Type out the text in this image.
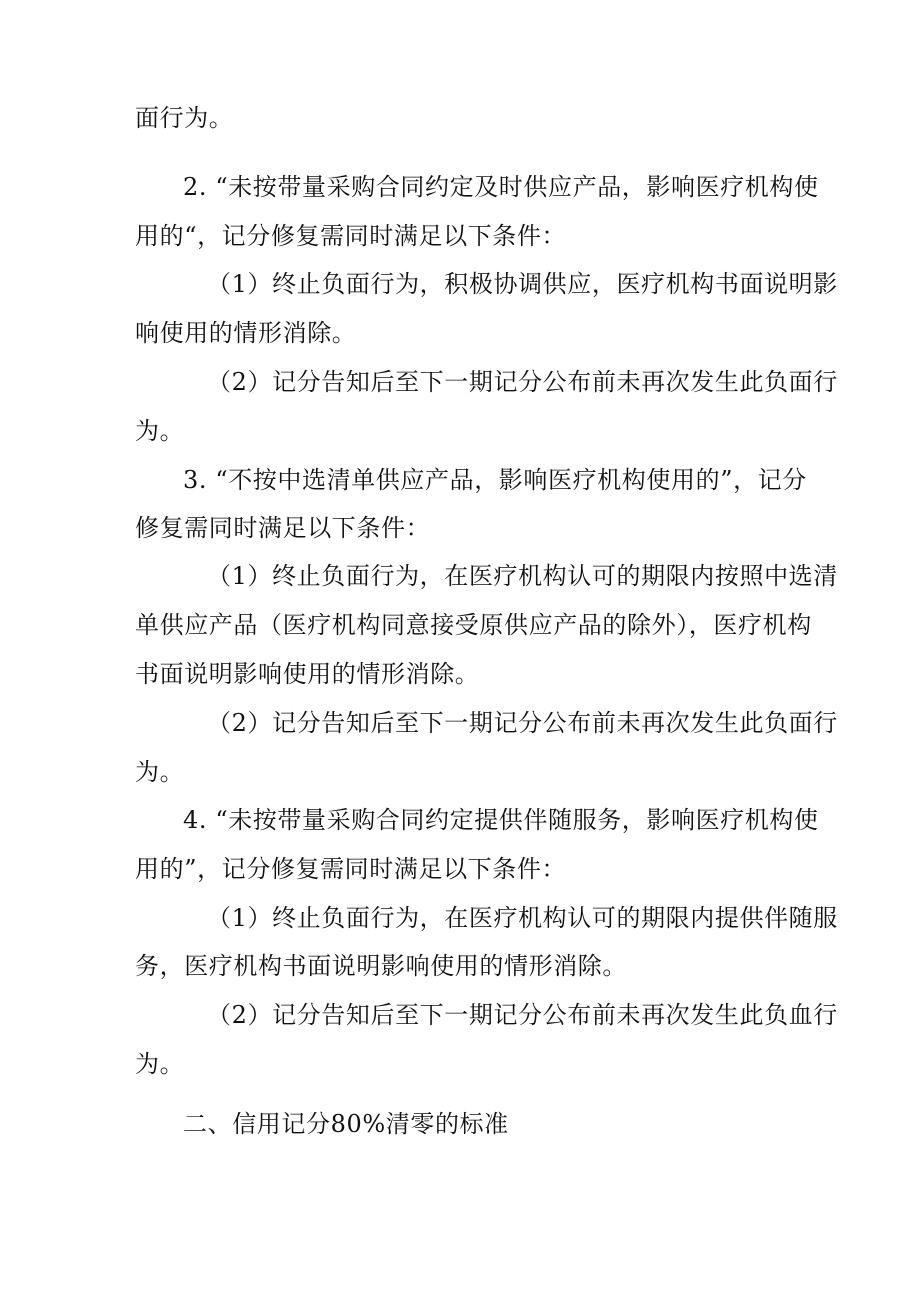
面行为。
2. “未按带量采购合同约定及时供应产品，影响医疗机构使
用的“，记分修复需同时满足以下条件：
（1）终止负面行为，积极协调供应，医疗机构书面说明影
响使用的情形消除。
（2）记分告知后至下一期记分公布前未再次发生此负面行
为。
3. “不按中选清单供应产品，影响医疗机构使用的”，记分
修复需同时满足以下条件：
（1）终止负面行为，在医疗机构认可的期限内按照中选清
单供应产品（医疗机构同意接受原供应产品的除外），医疗机构
书面说明影响使用的情形消除。
（2）记分告知后至下一期记分公布前未再次发生此负面行
为。
4. “未按带量采购合同约定提供伴随服务，影响医疗机构使
用的”，记分修复需同时满足以下条件：
（1）终止负面行为，在医疗机构认可的期限内提供伴随服
务，医疗机构书面说明影响使用的情形消除。
（2）记分告知后至下一期记分公布前未再次发生此负血行
为。
二、信用记分80%清零的标准
